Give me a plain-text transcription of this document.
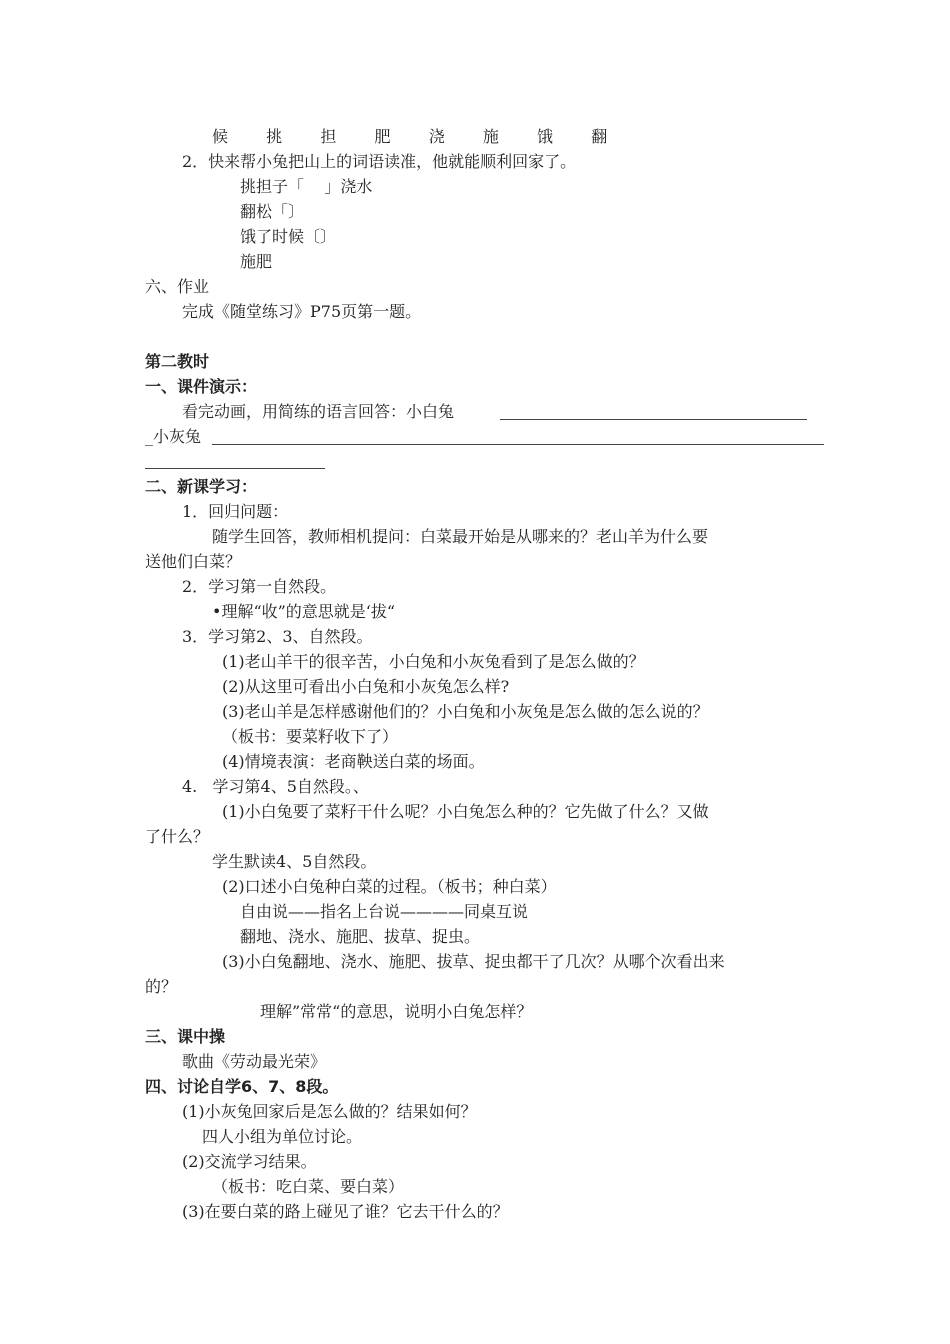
候  挑  担  肥  浇  施  饿  翻
2．快来帮小兔把山上的词语读准，他就能顺利回家了。
挑担子「    」浇水
翻松「〕
饿了时候〔〕
施肥
六、作业
完成《随堂练习》P75页第一题。
第二教时
一、课件演示：
看完动画，用简练的语言回答：小白兔
_小灰兔
二、新课学习：
1．回归问题：
随学生回答，教师相机提问：白菜最开始是从哪来的？老山羊为什么要
送他们白菜？
2．学习第一自然段。
•理解“收”的意思就是‘拔“
3．学习第2、3、自然段。
(1)老山羊干的很辛苦，小白兔和小灰兔看到了是怎么做的？
(2)从这里可看出小白兔和小灰兔怎么样?
(3)老山羊是怎样感谢他们的？小白兔和小灰兔是怎么做的怎么说的？
（板书：要菜籽收下了）
(4)情境表演：老商鞅送白菜的场面。
4.   学习第4、5自然段。、
(1)小白兔要了菜籽干什么呢？小白兔怎么种的？它先做了什么？又做
了什么？
学生默读4、5自然段。
(2)口述小白兔种白菜的过程。（板书；种白菜）
自由说——指名上台说————同桌互说
翻地、浇水、施肥、拔草、捉虫。
(3)小白兔翻地、浇水、施肥、拔草、捉虫都干了几次？从哪个次看出来
的？
理解”常常“的意思，说明小白兔怎样？
三、课中操
歌曲《劳动最光荣》
四、讨论自学6、7、8段。
(1)小灰兔回家后是怎么做的？结果如何？
四人小组为单位讨论。
(2)交流学习结果。
（板书：吃白菜、要白菜）
(3)在要白菜的路上碰见了谁？它去干什么的？
